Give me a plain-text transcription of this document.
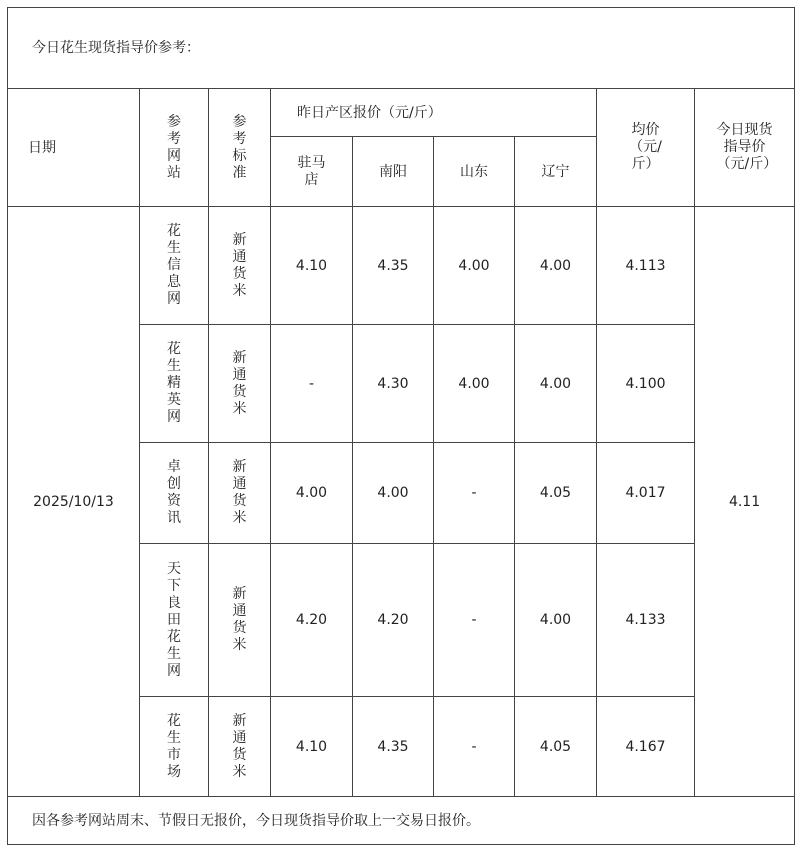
今日花生现货指导价参考：								
日期	参考网站	参考标准	昨日产区报价（元/斤）				均价（元/斤）	今日现货指导价（元/斤）
			驻马店	南阳	山东	辽宁		
2025/10/13	花生信息网	新通货米	4.10	4.35	4.00	4.00	4.113	4.11
	花生精英网	新通货米	-	4.30	4.00	4.00	4.100	
	卓创资讯	新通货米	4.00	4.00	-	4.05	4.017	
	天下良田花生网	新通货米	4.20	4.20	-	4.00	4.133	
	花生市场	新通货米	4.10	4.35	-	4.05	4.167	
因各参考网站周末、节假日无报价，今日现货指导价取上一交易日报价。								
